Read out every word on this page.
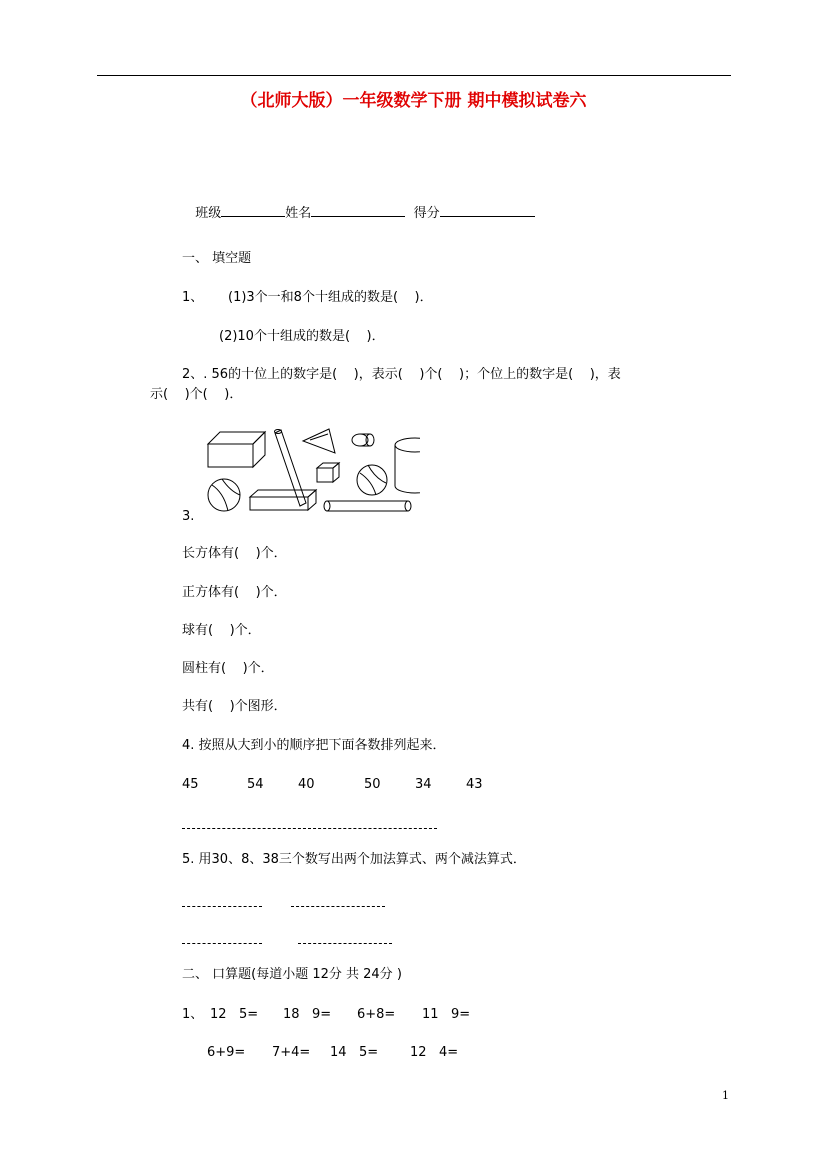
（北师大版）一年级数学下册 期中模拟试卷六

班级	姓名	得分

一、 填空题
1、 (1)3个一和8个十组成的数是(    )．
(2)10个十组成的数是(    )．
2、. 56的十位上的数字是(    )，表示(    )个(    )；个位上的数字是(    )，表
示(    )个(    )．
3.
长方体有(    )个．
正方体有(    )个．
球有(    )个．
圆柱有(    )个．
共有(    )个图形．
4. 按照从大到小的顺序把下面各数排列起来．
45	54	40	50	34	43
5. 用30、8、38三个数写出两个加法算式、两个减法算式．
二、 口算题(每道小题 12分 共 24分 )
1、 12   5= 18   9= 6+8= 11   9=
6+9= 7+4= 14   5= 12   4=
1
